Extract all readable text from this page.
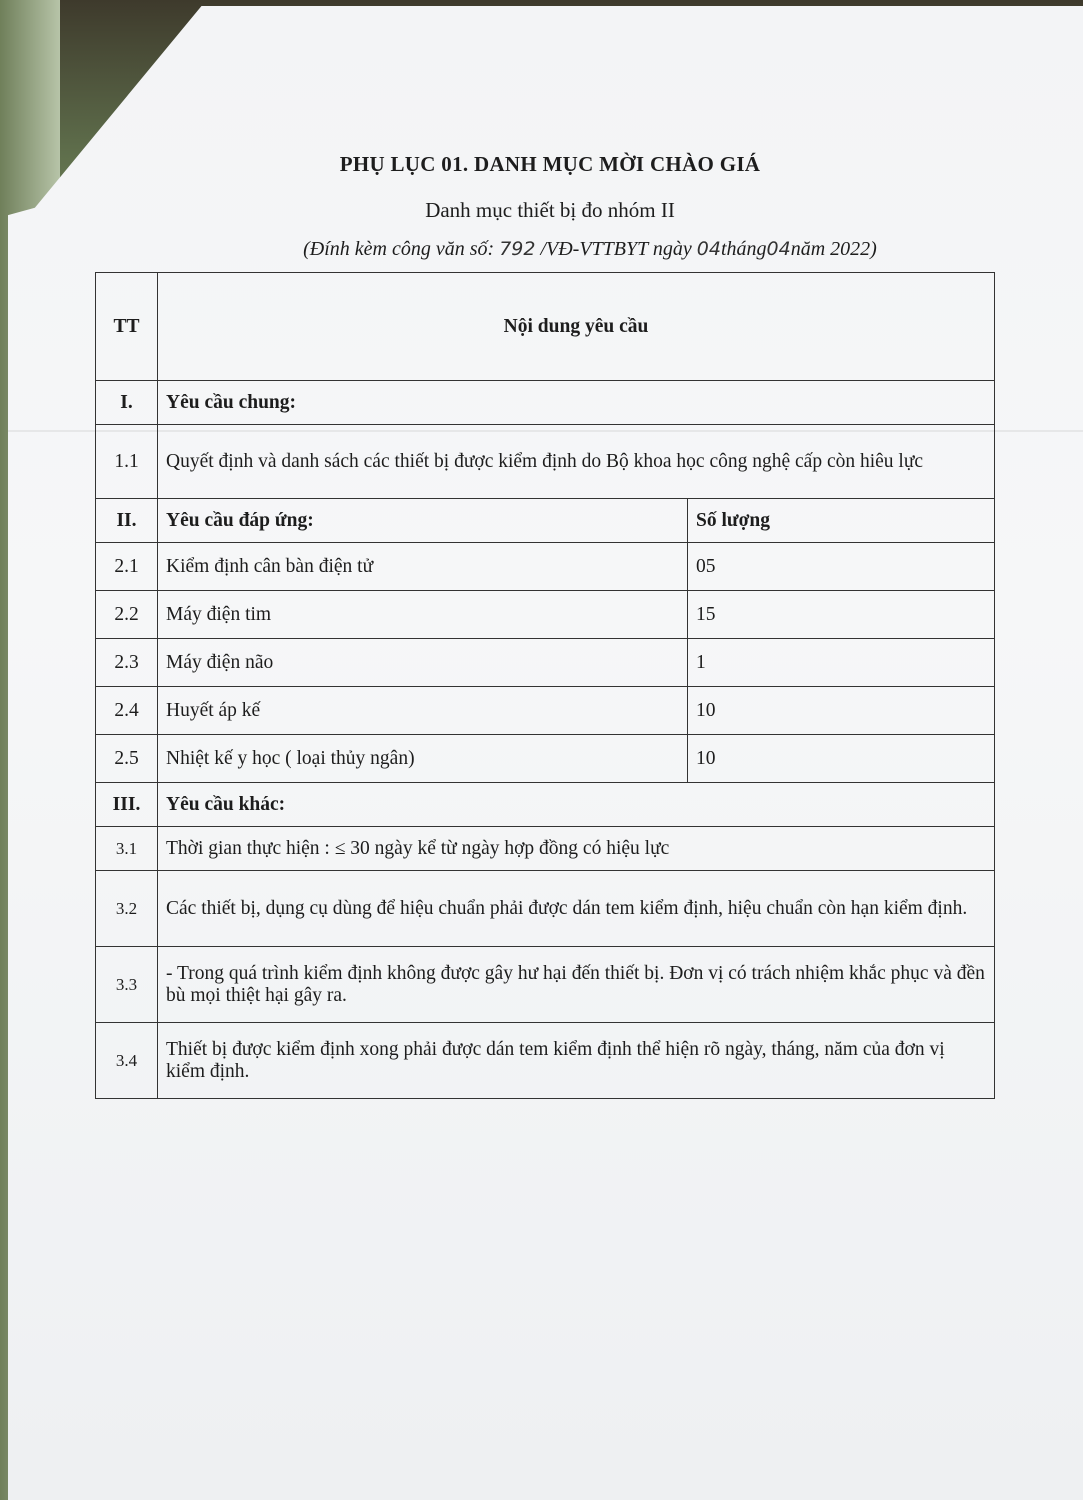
PHỤ LỤC 01. DANH MỤC MỜI CHÀO GIÁ
Danh mục thiết bị đo nhóm II
(Đính kèm công văn số: 792 /VĐ-VTTBYT ngày 04tháng04năm 2022)
TT	Nội dung yêu cầu	
I.	Yêu cầu chung:	
1.1	Quyết định và danh sách các thiết bị được kiểm định do Bộ khoa học công nghệ cấp còn hiêu lực	
II.	Yêu cầu đáp ứng:	Số lượng
2.1	Kiểm định cân bàn điện tử	05
2.2	Máy điện tim	15
2.3	Máy điện não	1
2.4	Huyết áp kế	10
2.5	Nhiệt kế y học ( loại thủy ngân)	10
III.	Yêu cầu khác:	
3.1	Thời gian thực hiện : ≤ 30 ngày kể từ ngày hợp đồng có hiệu lực	
3.2	Các thiết bị, dụng cụ dùng để hiệu chuẩn phải được dán tem kiểm định, hiệu chuẩn còn hạn kiểm định.	
3.3	- Trong quá trình kiểm định không được gây hư hại đến thiết bị. Đơn vị có trách nhiệm khắc phục và đền bù mọi thiệt hại gây ra.	
3.4	Thiết bị được kiểm định xong phải được dán tem kiểm định thể hiện rõ ngày, tháng, năm của đơn vị kiểm định.	
